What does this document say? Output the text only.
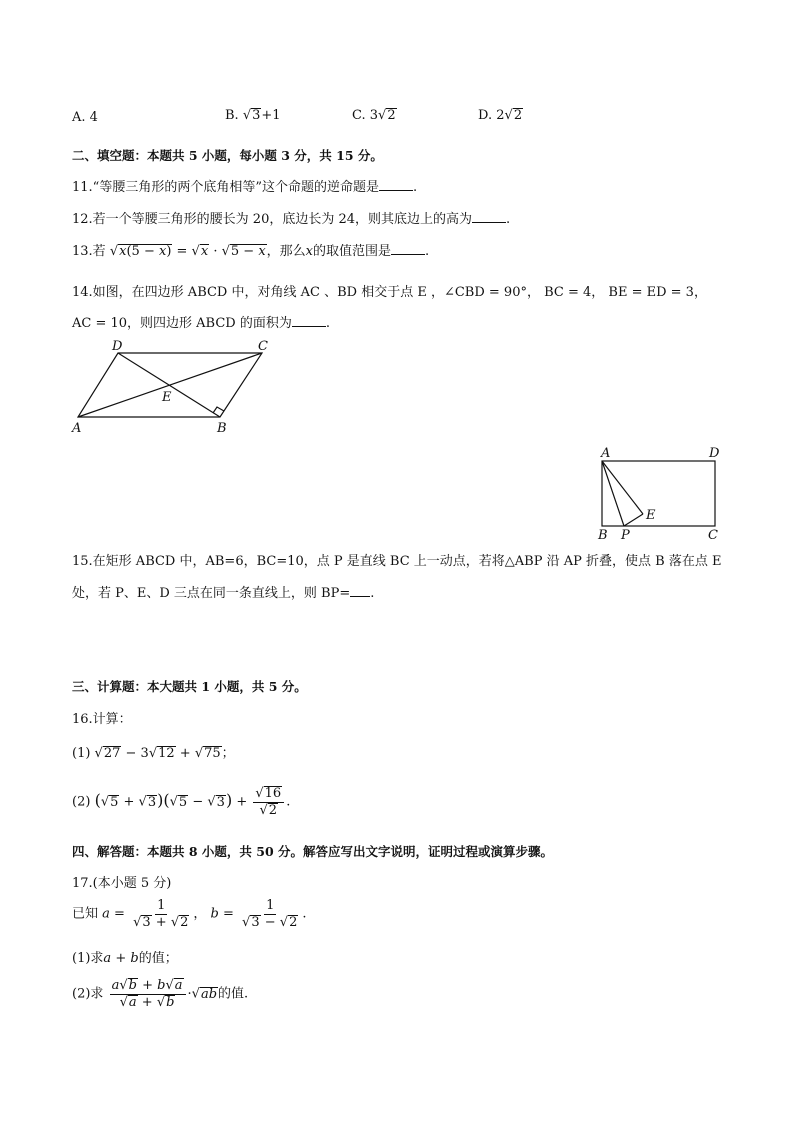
A. 4	B. √3+1	C. 3√2	D. 2√2
二、填空题：本题共 5 小题，每小题 3 分，共 15 分。
11.“等腰三角形的两个底角相等”这个命题的逆命题是	.
12.若一个等腰三角形的腰长为 20，底边长为 24，则其底边上的高为	.
13.若 √x(5 − x) = √x · √5 − x，那么x的取值范围是	.
14.如图，在四边形 ABCD 中，对角线 AC 、BD 相交于点 E ，∠CBD = 90°， BC = 4， BE = ED = 3，
AC = 10，则四边形 ABCD 的面积为	.
D	C
E
A	B
A	D
E
B P	C
15.在矩形 ABCD 中，AB=6，BC=10，点 P 是直线 BC 上一动点，若将△ABP 沿 AP 折叠，使点 B 落在点 E
处，若 P、E、D 三点在同一条直线上，则 BP= .
三、计算题：本大题共 1 小题，共 5 分。
16.计算：
(1) √27 − 3√12 + √75；
(2) $(√5 + √3)(√5 - √3) + \frac{√16}{√2}$ .
四、解答题：本题共 8 小题，共 50 分。解答应写出文字说明，证明过程或演算步骤。
17.(本小题 5 分)
已知 $a = \frac{1}{√3 + √2}$ ， $b = \frac{1}{√3 - √2}$ .
(1)求a + b的值；
(2)求 $\frac{a√b + b√a}{√a + √b} \cdot√ab$的值.
